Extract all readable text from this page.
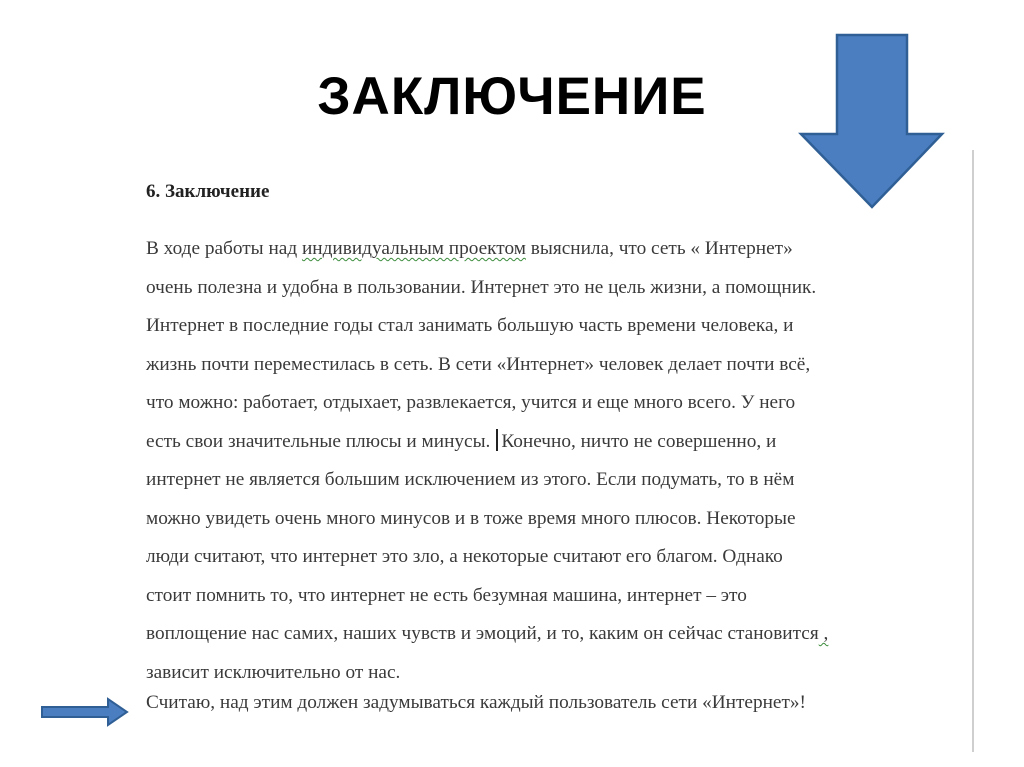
ЗАКЛЮЧЕНИЕ

6. Заключение

В ходе работы над индивидуальным проектом выяснила, что сеть « Интернет»
очень полезна и удобна в пользовании. Интернет это не цель жизни, а помощник.
Интернет в последние годы стал занимать большую часть времени человека, и
жизнь почти переместилась в сеть. В сети «Интернет» человек делает почти всё,
что можно: работает, отдыхает, развлекается, учится и еще много всего. У него
есть свои значительные плюсы и минусы. Конечно, ничто не совершенно, и
интернет не является большим исключением из этого. Если подумать, то в нём
можно увидеть очень много минусов и в тоже время много плюсов. Некоторые
люди считают, что интернет это зло, а некоторые считают его благом. Однако
стоит помнить то, что интернет не есть безумная машина, интернет – это
воплощение нас самих, наших чувств и эмоций, и то, каким он сейчас становится ,
зависит исключительно от нас.
Считаю, над этим должен задумываться каждый пользователь сети «Интернет»!
